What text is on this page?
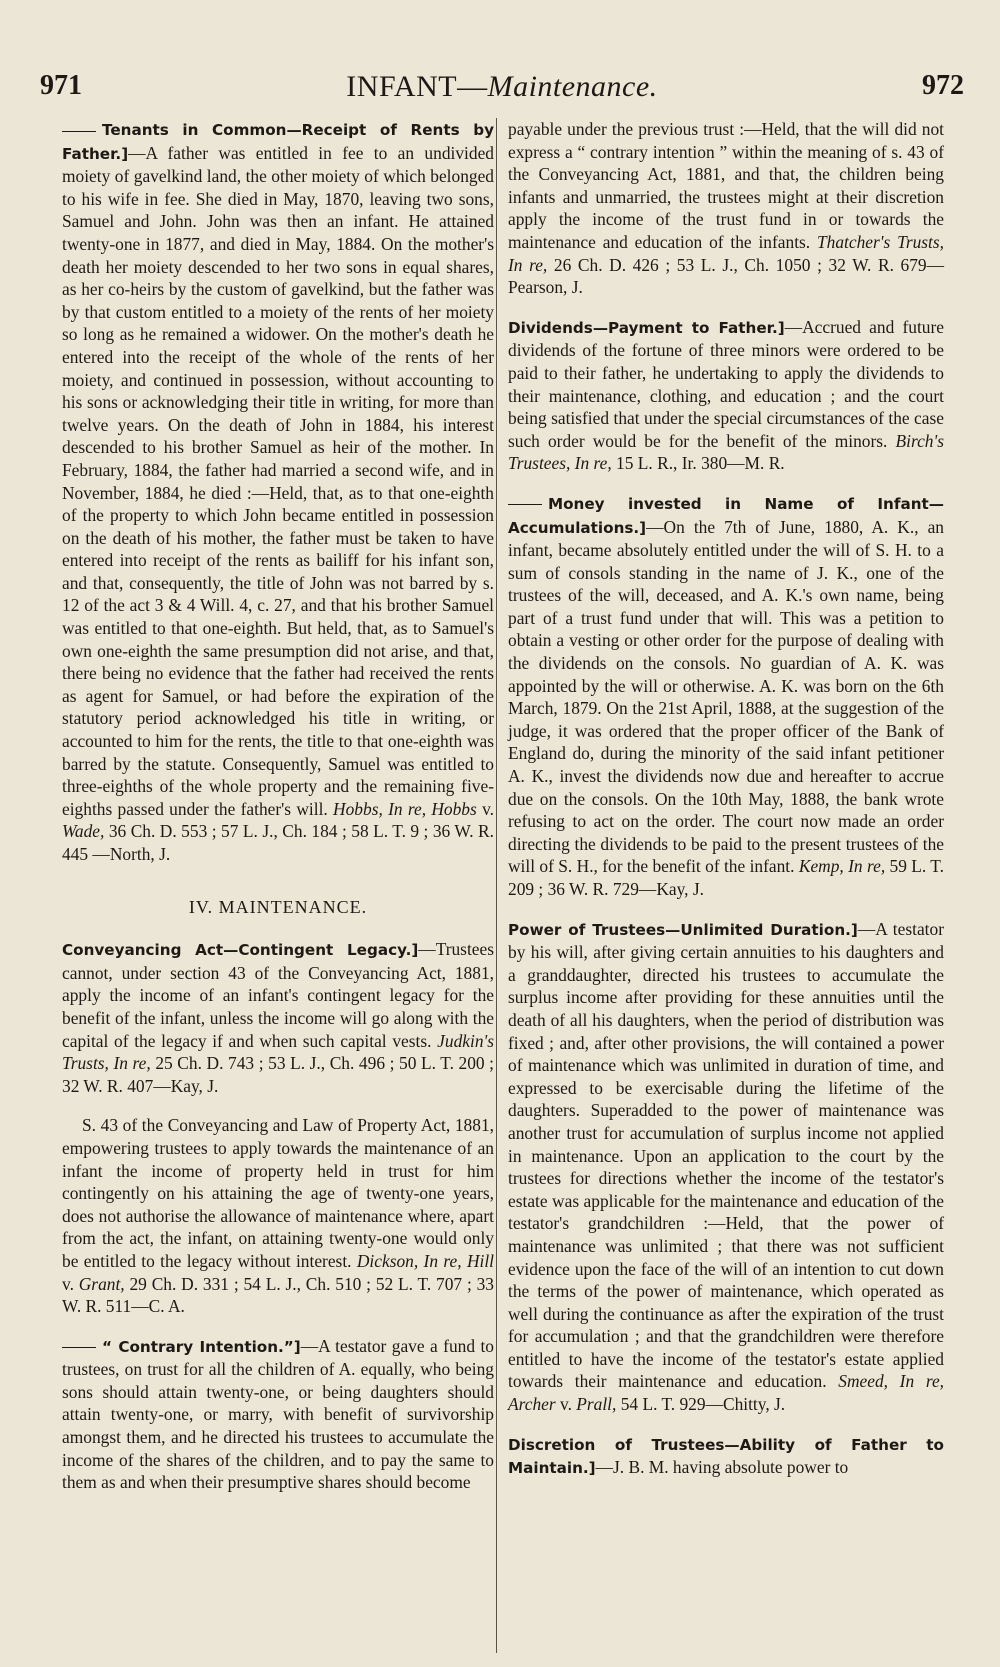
971	INFANT—Maintenance.	972

Tenants in Common—Receipt of Rents by Father.]—A father was entitled in fee to an undivided moiety of gavelkind land, the other moiety of which belonged to his wife in fee. She died in May, 1870, leaving two sons, Samuel and John. John was then an infant. He attained twenty-one in 1877, and died in May, 1884. On the mother's death her moiety descended to her two sons in equal shares, as her co-heirs by the custom of gavelkind, but the father was by that custom entitled to a moiety of the rents of her moiety so long as he remained a widower. On the mother's death he entered into the receipt of the whole of the rents of her moiety, and continued in possession, without accounting to his sons or acknowledging their title in writing, for more than twelve years. On the death of John in 1884, his interest descended to his brother Samuel as heir of the mother. In February, 1884, the father had married a second wife, and in November, 1884, he died :—Held, that, as to that one-eighth of the property to which John became entitled in possession on the death of his mother, the father must be taken to have entered into receipt of the rents as bailiff for his infant son, and that, consequently, the title of John was not barred by s. 12 of the act 3 & 4 Will. 4, c. 27, and that his brother Samuel was entitled to that one-eighth. But held, that, as to Samuel's own one-eighth the same presumption did not arise, and that, there being no evidence that the father had received the rents as agent for Samuel, or had before the expiration of the statutory period acknowledged his title in writing, or accounted to him for the rents, the title to that one-eighth was barred by the statute. Consequently, Samuel was entitled to three-eighths of the whole property and the remaining five-eighths passed under the father's will. Hobbs, In re, Hobbs v. Wade, 36 Ch. D. 553 ; 57 L. J., Ch. 184 ; 58 L. T. 9 ; 36 W. R. 445 —North, J.

IV. MAINTENANCE.

Conveyancing Act—Contingent Legacy.]—Trustees cannot, under section 43 of the Conveyancing Act, 1881, apply the income of an infant's contingent legacy for the benefit of the infant, unless the income will go along with the capital of the legacy if and when such capital vests. Judkin's Trusts, In re, 25 Ch. D. 743 ; 53 L. J., Ch. 496 ; 50 L. T. 200 ; 32 W. R. 407—Kay, J.

S. 43 of the Conveyancing and Law of Property Act, 1881, empowering trustees to apply towards the maintenance of an infant the income of property held in trust for him contingently on his attaining the age of twenty-one years, does not authorise the allowance of maintenance where, apart from the act, the infant, on attaining twenty-one would only be entitled to the legacy without interest. Dickson, In re, Hill v. Grant, 29 Ch. D. 331 ; 54 L. J., Ch. 510 ; 52 L. T. 707 ; 33 W. R. 511—C. A.

“ Contrary Intention.”]—A testator gave a fund to trustees, on trust for all the children of A. equally, who being sons should attain twenty-one, or being daughters should attain twenty-one, or marry, with benefit of survivorship amongst them, and he directed his trustees to accumulate the income of the shares of the children, and to pay the same to them as and when their presumptive shares should become

payable under the previous trust :—Held, that the will did not express a “ contrary intention ” within the meaning of s. 43 of the Conveyancing Act, 1881, and that, the children being infants and unmarried, the trustees might at their discretion apply the income of the trust fund in or towards the maintenance and education of the infants. Thatcher's Trusts, In re, 26 Ch. D. 426 ; 53 L. J., Ch. 1050 ; 32 W. R. 679—Pearson, J.

Dividends—Payment to Father.]—Accrued and future dividends of the fortune of three minors were ordered to be paid to their father, he undertaking to apply the dividends to their maintenance, clothing, and education ; and the court being satisfied that under the special circumstances of the case such order would be for the benefit of the minors. Birch's Trustees, In re, 15 L. R., Ir. 380—M. R.

Money invested in Name of Infant—Accumulations.]—On the 7th of June, 1880, A. K., an infant, became absolutely entitled under the will of S. H. to a sum of consols standing in the name of J. K., one of the trustees of the will, deceased, and A. K.'s own name, being part of a trust fund under that will. This was a petition to obtain a vesting or other order for the purpose of dealing with the dividends on the consols. No guardian of A. K. was appointed by the will or otherwise. A. K. was born on the 6th March, 1879. On the 21st April, 1888, at the suggestion of the judge, it was ordered that the proper officer of the Bank of England do, during the minority of the said infant petitioner A. K., invest the dividends now due and hereafter to accrue due on the consols. On the 10th May, 1888, the bank wrote refusing to act on the order. The court now made an order directing the dividends to be paid to the present trustees of the will of S. H., for the benefit of the infant. Kemp, In re, 59 L. T. 209 ; 36 W. R. 729—Kay, J.

Power of Trustees—Unlimited Duration.]—A testator by his will, after giving certain annuities to his daughters and a granddaughter, directed his trustees to accumulate the surplus income after providing for these annuities until the death of all his daughters, when the period of distribution was fixed ; and, after other provisions, the will contained a power of maintenance which was unlimited in duration of time, and expressed to be exercisable during the lifetime of the daughters. Superadded to the power of maintenance was another trust for accumulation of surplus income not applied in maintenance. Upon an application to the court by the trustees for directions whether the income of the testator's estate was applicable for the maintenance and education of the testator's grandchildren :—Held, that the power of maintenance was unlimited ; that there was not sufficient evidence upon the face of the will of an intention to cut down the terms of the power of maintenance, which operated as well during the continuance as after the expiration of the trust for accumulation ; and that the grandchildren were therefore entitled to have the income of the testator's estate applied towards their maintenance and education. Smeed, In re, Archer v. Prall, 54 L. T. 929—Chitty, J.

Discretion of Trustees—Ability of Father to Maintain.]—J. B. M. having absolute power to
